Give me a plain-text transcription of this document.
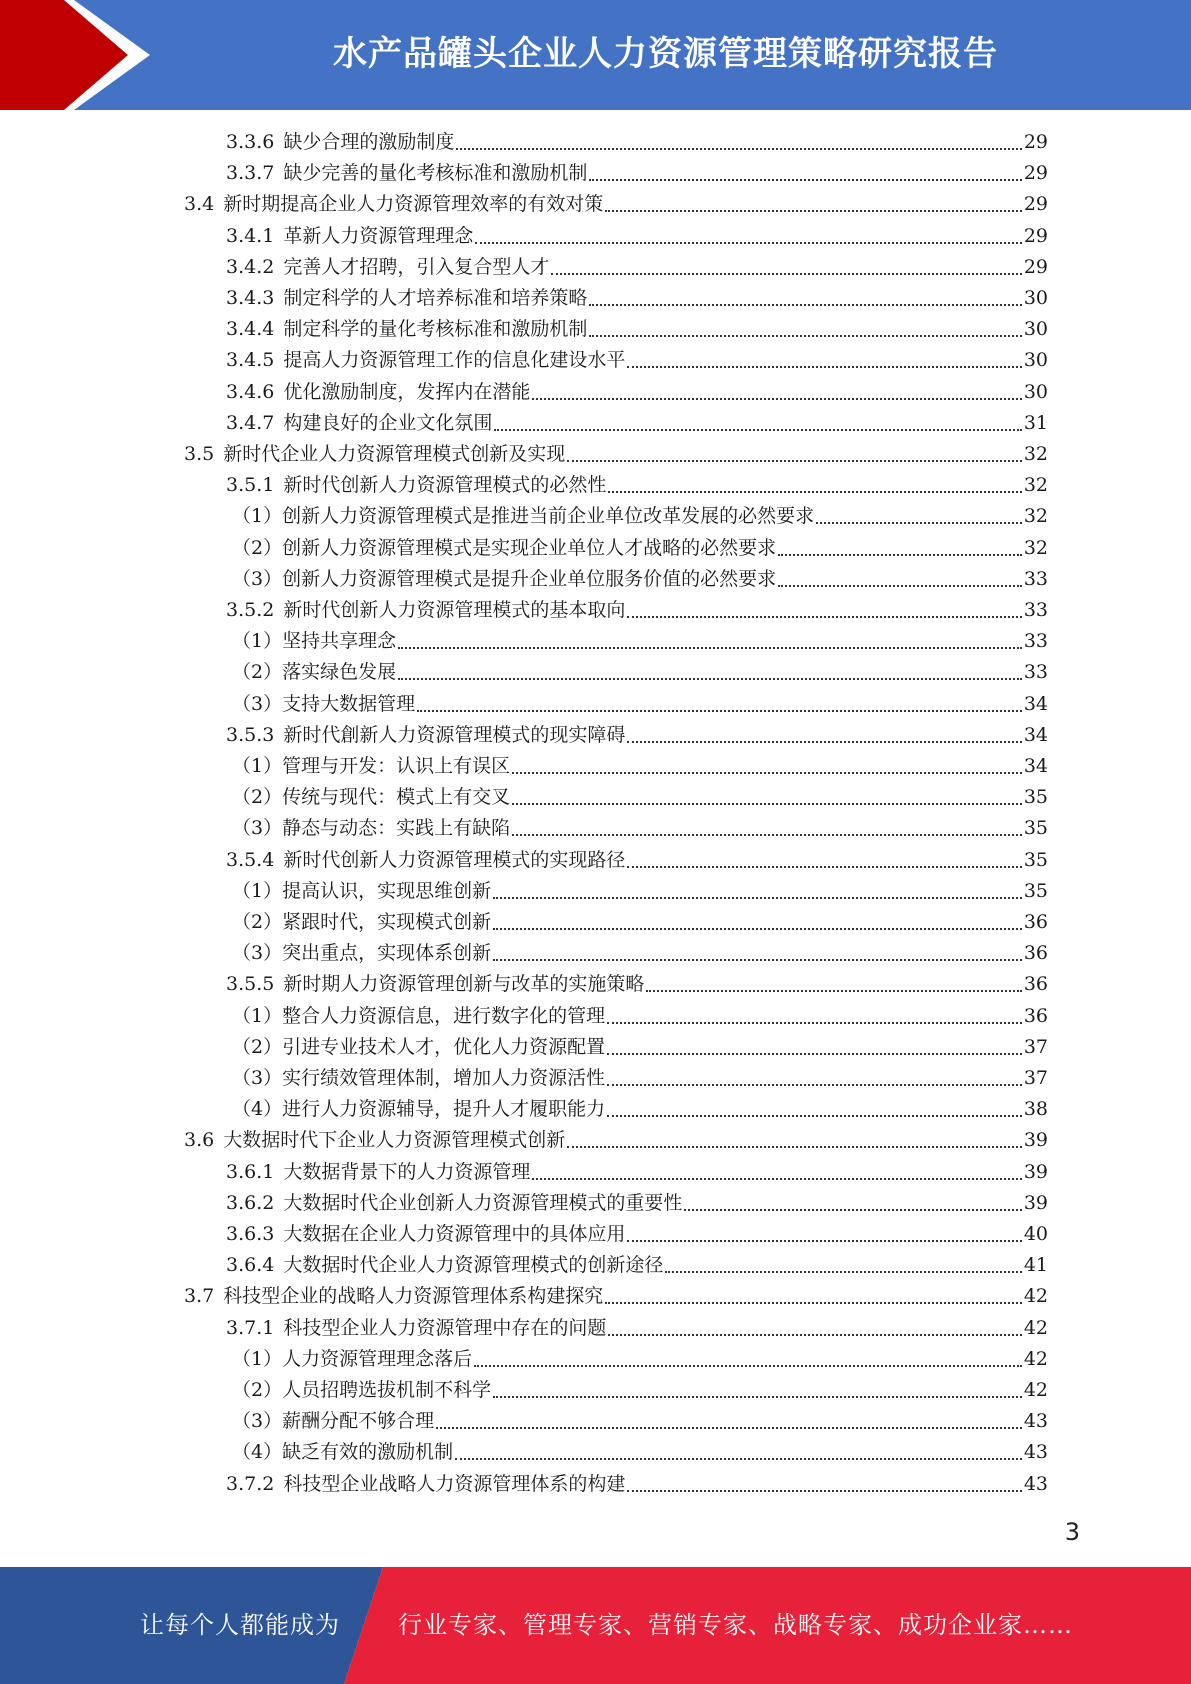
水产品罐头企业人力资源管理策略研究报告
3.3.6 缺少合理的激励制度	29
3.3.7 缺少完善的量化考核标准和激励机制	29
3.4 新时期提高企业人力资源管理效率的有效对策	29
3.4.1 革新人力资源管理理念	29
3.4.2 完善人才招聘，引入复合型人才	29
3.4.3 制定科学的人才培养标准和培养策略	30
3.4.4 制定科学的量化考核标准和激励机制	30
3.4.5 提高人力资源管理工作的信息化建设水平	30
3.4.6 优化激励制度，发挥内在潜能	30
3.4.7 构建良好的企业文化氛围	31
3.5 新时代企业人力资源管理模式创新及实现	32
3.5.1 新时代创新人力资源管理模式的必然性	32
（1） 创新人力资源管理模式是推进当前企业单位改革发展的必然要求	32
（2） 创新人力资源管理模式是实现企业单位人才战略的必然要求	32
（3） 创新人力资源管理模式是提升企业单位服务价值的必然要求	33
3.5.2 新时代创新人力资源管理模式的基本取向	33
（1） 坚持共享理念	33
（2） 落实绿色发展	33
（3） 支持大数据管理	34
3.5.3 新时代創新人力资源管理模式的现实障碍	34
（1） 管理与开发：认识上有误区	34
（2） 传统与现代：模式上有交叉	35
（3） 静态与动态：实践上有缺陷	35
3.5.4 新时代创新人力资源管理模式的实现路径	35
（1） 提高认识，实现思维创新	35
（2） 紧跟时代，实现模式创新	36
（3） 突出重点，实现体系创新	36
3.5.5 新时期人力资源管理创新与改革的实施策略	36
（1） 整合人力资源信息，进行数字化的管理	36
（2） 引进专业技术人才，优化人力资源配置	37
（3） 实行绩效管理体制，增加人力资源活性	37
（4） 进行人力资源辅导，提升人才履职能力	38
3.6 大数据时代下企业人力资源管理模式创新	39
3.6.1 大数据背景下的人力资源管理	39
3.6.2 大数据时代企业创新人力资源管理模式的重要性	39
3.6.3 大数据在企业人力资源管理中的具体应用	40
3.6.4 大数据时代企业人力资源管理模式的创新途径	41
3.7 科技型企业的战略人力资源管理体系构建探究	42
3.7.1 科技型企业人力资源管理中存在的问题	42
（1） 人力资源管理理念落后	42
（2） 人员招聘选拔机制不科学	42
（3） 薪酬分配不够合理	43
（4） 缺乏有效的激励机制	43
3.7.2 科技型企业战略人力资源管理体系的构建	43
3
让每个人都能成为 行业专家、管理专家、营销专家、战略专家、成功企业家……
